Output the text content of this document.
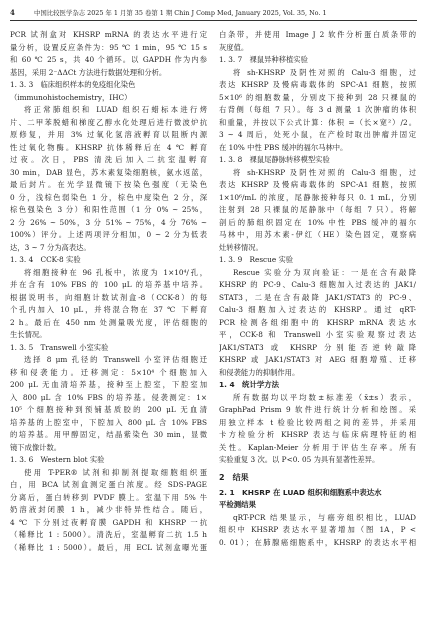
4	中国比较医学杂志 2025 年 1 月第 35 卷第 1 期 Chin J Comp Med, January 2025, Vol. 35, No. 1
PCR 试剂盒对 KHSRP mRNA 的表达水平进行定
量分析，设置反应条件为：95 ℃ 1 min，95 ℃ 15 s
和 60 ℃ 25 s，共 40 个循环。以 GAPDH 作为内参
基因，采用 2⁻ΔΔCt 方法进行数据处理和分析。
1. 3. 3　临床组织样本的免疫组化染色
（immunohistochemistry，IHC）
将正常肺组织和 LUAD 组织石蜡标本进行烤
片、二甲苯脱蜡和梯度乙醇水化处理后进行微波炉抗
原修复，并用 3% 过氧化氢溶液孵育以阻断内源
性过氧化物酶。KHSRP 抗体稀释后在 4 ℃ 孵育
过夜。次日，PBS 清洗后加入二抗室温孵育
30 min，DAB 显色，苏木素复染细胞核，氨水返蓝，
最后封片。在光学显微镜下按染色强度（无染色
0 分，浅棕色弱染色 1 分，棕色中度染色 2 分，深
棕色强染色 3 分）和阳性范围（1 分 0% ~ 25%，
2 分 26% ~ 50%，3 分 51% ~ 75%，4 分 76% ~
100%）评分。上述两项评分相加，0 ~ 2 分为低表
达，3 ~ 7 分为高表达。
1. 3. 4　CCK-8 实验
将细胞接种在 96 孔板中，浓度为 1×10⁴/孔，
并在含有 10% FBS 的 100 μL 的培养基中培养。
根据说明书，向细胞计数试剂盒-8（CCK-8）的每
个孔内加入 10 μL，并将混合物在 37 ℃ 下孵育
2 h。最后在 450 nm 处测量吸光度，评估细胞的
生长情况。
1. 3. 5　Transwell 小室实验
选择 8 μm 孔径的 Transwell 小室评估细胞迁
移和侵袭能力。迁移测定：5×10⁴ 个细胞加入
200 μL 无血清培养基，接种至上腔室，下腔室加
入 800 μL 含 10% FBS 的培养基。侵袭测定：1×
10⁵ 个细胞接种到预铺基质胶的 200 μL 无血清
培养基的上腔室中，下腔加入 800 μL 含 10% FBS
的培养基。用甲醇固定，结晶紫染色 30 min，显微
镜下成像计数。
1. 3. 6　Western blot 实验
使用 T-PER® 试剂和抑制剂提取细胞组织蛋
白，用 BCA 试剂盒测定蛋白浓度。经 SDS-PAGE
分离后，蛋白转移到 PVDF 膜上。室温下用 5% 牛
奶溶液封闭膜 1 h，减少非特异性结合。随后，
4 ℃ 下分别过夜孵育膜 GAPDH 和 KHSRP 一抗
（稀释比 1 : 5000）。清洗后，室温孵育二抗 1.5 h
（稀释比 1 : 5000）。最后，用 ECL 试剂盒曝光蛋
白条带，并使用 Image J 2 软件分析蛋白质条带的
灰度值。
1. 3. 7　裸鼠异种移植实验
将 sh-KHSRP 及阴性对照的 Calu-3 细胞，过
表达 KHSRP 及慢病毒载体的 SPC-A1 细胞，按照
5×10⁶ 的细胞数量，分别皮下接种到 28 只裸鼠的
右背侧（每组 7 只）。每 3 d 测量 1 次肿瘤的体积
和重量，并按以下公式计算：体积 =（长×宽²）/2。
3 ~ 4 周后，处死小鼠，在产检时取出肿瘤并固定
在 10% 中性 PBS 缓冲的福尔马林中。
1. 3. 8　裸鼠尾静脉转移模型实验
将 sh-KHSRP 及阴性对照的 Calu-3 细胞，过
表达 KHSRP 及慢病毒载体的 SPC-A1 细胞，按照
1×10⁶/mL 的浓度，尾静脉接种每只 0. 1 mL，分别
注射到 28 只裸鼠的尾静脉中（每组 7 只）。将解
剖后的肺组织固定在 10% 中性 PBS 缓冲的福尔
马林中，用苏木素-伊红（HE）染色固定，观察病
灶转移情况。
1. 3. 9　Rescue 实验
Rescue 实验分为双向验证：一是在含有敲降
KHSRP 的 PC-9、Calu-3 细胞加入过表达的 JAK1/
STAT3，二是在含有敲降 JAK1/STAT3 的 PC-9、
Calu-3 细胞加入过表达的 KHSRP。通过 qRT-
PCR 检测各组细胞中的 KHSRP mRNA 表达水
平，CCK-8 和 Transwell 小室实验观察过表达
JAK1/STAT3 或 KHSRP 分别能否逆转敲降
KHSRP 或 JAK1/STAT3 对 AEG 细胞增殖、迁移
和侵袭能力的抑制作用。
1. 4　统计学方法
所有数据均以平均数±标准差（x̄±s）表示，
GraphPad Prism 9 软件进行统计分析和绘图。采
用独立样本 t 检验比较两组之间的差异，并采用
卡方检验分析 KHSRP 表达与临床病理特征的相
关性。Kaplan-Meier 分析用于评估生存率。所有
实验重复 3 次。以 P<0. 05 为具有显著性差异。
2　结果
2. 1　KHSRP 在 LUAD 组织和细胞系中表达水
平检测结果
qRT-PCR 结果显示，与癌旁组织相比，LUAD
组织中 KHSRP 表达水平显著增加（图 1A，P <
0. 01）；在肺腺癌细胞系中，KHSRP 的表达水平相
